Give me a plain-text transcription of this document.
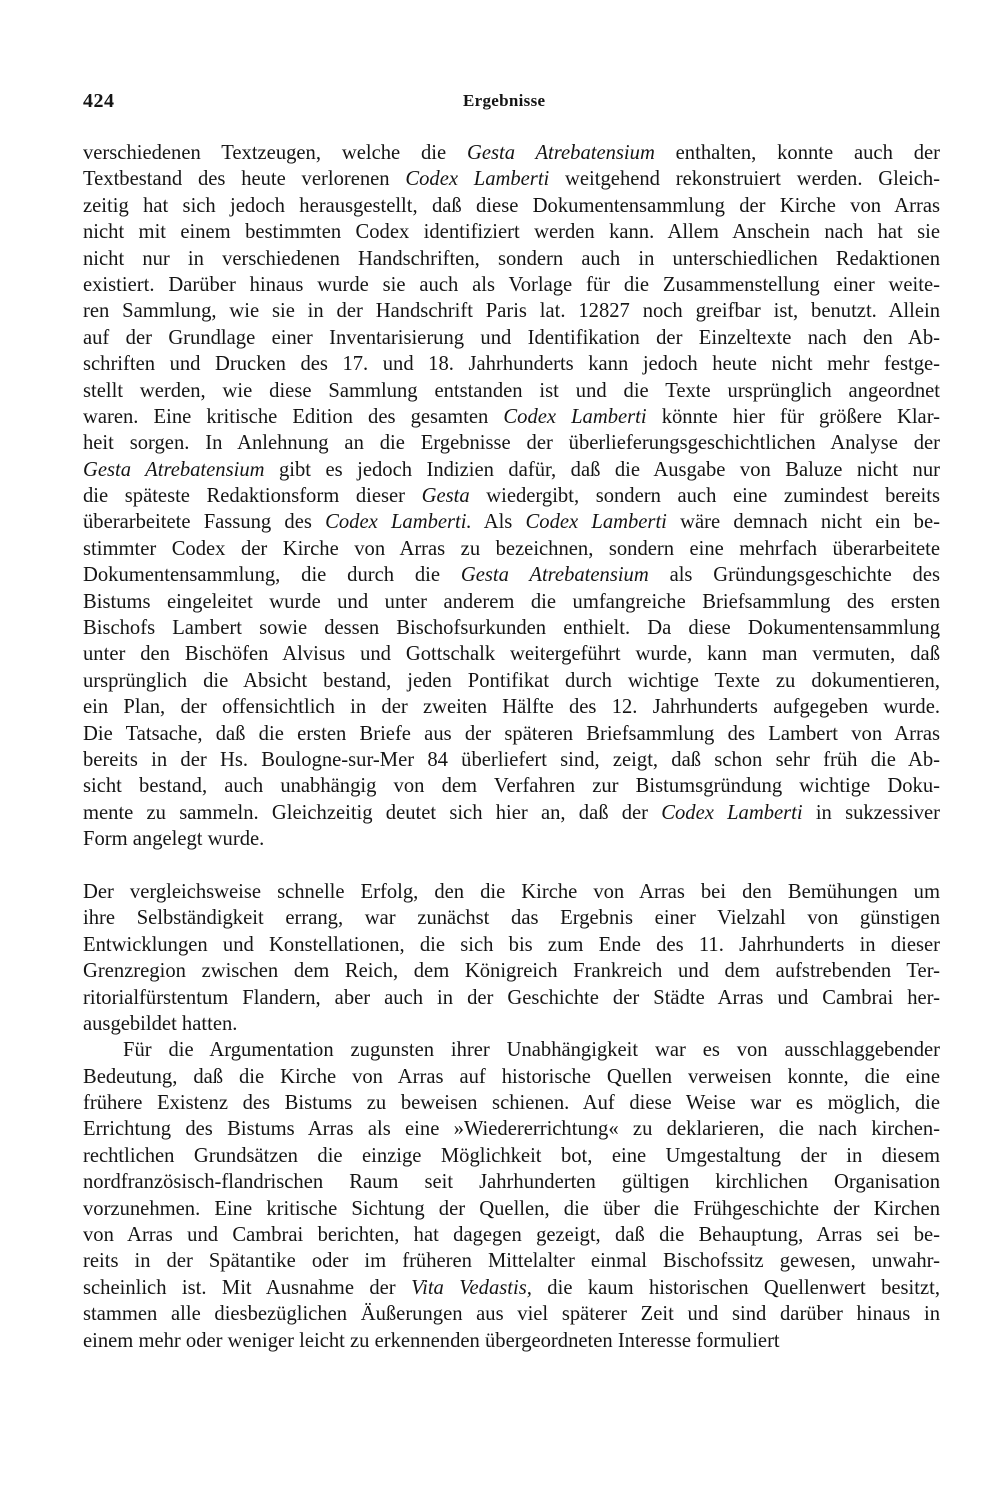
424	Ergebnisse
verschiedenen Textzeugen, welche die Gesta Atrebatensium enthalten, konnte auch der
Textbestand des heute verlorenen Codex Lamberti weitgehend rekonstruiert werden. Gleich-
zeitig hat sich jedoch herausgestellt, daß diese Dokumentensammlung der Kirche von Arras
nicht mit einem bestimmten Codex identifiziert werden kann. Allem Anschein nach hat sie
nicht nur in verschiedenen Handschriften, sondern auch in unterschiedlichen Redaktionen
existiert. Darüber hinaus wurde sie auch als Vorlage für die Zusammenstellung einer weite-
ren Sammlung, wie sie in der Handschrift Paris lat. 12827 noch greifbar ist, benutzt. Allein
auf der Grundlage einer Inventarisierung und Identifikation der Einzeltexte nach den Ab-
schriften und Drucken des 17. und 18. Jahrhunderts kann jedoch heute nicht mehr festge-
stellt werden, wie diese Sammlung entstanden ist und die Texte ursprünglich angeordnet
waren. Eine kritische Edition des gesamten Codex Lamberti könnte hier für größere Klar-
heit sorgen. In Anlehnung an die Ergebnisse der überlieferungsgeschichtlichen Analyse der
Gesta Atrebatensium gibt es jedoch Indizien dafür, daß die Ausgabe von Baluze nicht nur
die späteste Redaktionsform dieser Gesta wiedergibt, sondern auch eine zumindest bereits
überarbeitete Fassung des Codex Lamberti. Als Codex Lamberti wäre demnach nicht ein be-
stimmter Codex der Kirche von Arras zu bezeichnen, sondern eine mehrfach überarbeitete
Dokumentensammlung, die durch die Gesta Atrebatensium als Gründungsgeschichte des
Bistums eingeleitet wurde und unter anderem die umfangreiche Briefsammlung des ersten
Bischofs Lambert sowie dessen Bischofsurkunden enthielt. Da diese Dokumentensammlung
unter den Bischöfen Alvisus und Gottschalk weitergeführt wurde, kann man vermuten, daß
ursprünglich die Absicht bestand, jeden Pontifikat durch wichtige Texte zu dokumentieren,
ein Plan, der offensichtlich in der zweiten Hälfte des 12. Jahrhunderts aufgegeben wurde.
Die Tatsache, daß die ersten Briefe aus der späteren Briefsammlung des Lambert von Arras
bereits in der Hs. Boulogne-sur-Mer 84 überliefert sind, zeigt, daß schon sehr früh die Ab-
sicht bestand, auch unabhängig von dem Verfahren zur Bistumsgründung wichtige Doku-
mente zu sammeln. Gleichzeitig deutet sich hier an, daß der Codex Lamberti in sukzessiver
Form angelegt wurde.
Der vergleichsweise schnelle Erfolg, den die Kirche von Arras bei den Bemühungen um
ihre Selbständigkeit errang, war zunächst das Ergebnis einer Vielzahl von günstigen
Entwicklungen und Konstellationen, die sich bis zum Ende des 11. Jahrhunderts in dieser
Grenzregion zwischen dem Reich, dem Königreich Frankreich und dem aufstrebenden Ter-
ritorialfürstentum Flandern, aber auch in der Geschichte der Städte Arras und Cambrai her-
ausgebildet hatten.
Für die Argumentation zugunsten ihrer Unabhängigkeit war es von ausschlaggebender
Bedeutung, daß die Kirche von Arras auf historische Quellen verweisen konnte, die eine
frühere Existenz des Bistums zu beweisen schienen. Auf diese Weise war es möglich, die
Errichtung des Bistums Arras als eine »Wiedererrichtung« zu deklarieren, die nach kirchen-
rechtlichen Grundsätzen die einzige Möglichkeit bot, eine Umgestaltung der in diesem
nordfranzösisch-flandrischen Raum seit Jahrhunderten gültigen kirchlichen Organisation
vorzunehmen. Eine kritische Sichtung der Quellen, die über die Frühgeschichte der Kirchen
von Arras und Cambrai berichten, hat dagegen gezeigt, daß die Behauptung, Arras sei be-
reits in der Spätantike oder im früheren Mittelalter einmal Bischofssitz gewesen, unwahr-
scheinlich ist. Mit Ausnahme der Vita Vedastis, die kaum historischen Quellenwert besitzt,
stammen alle diesbezüglichen Äußerungen aus viel späterer Zeit und sind darüber hinaus in
einem mehr oder weniger leicht zu erkennenden übergeordneten Interesse formuliert
